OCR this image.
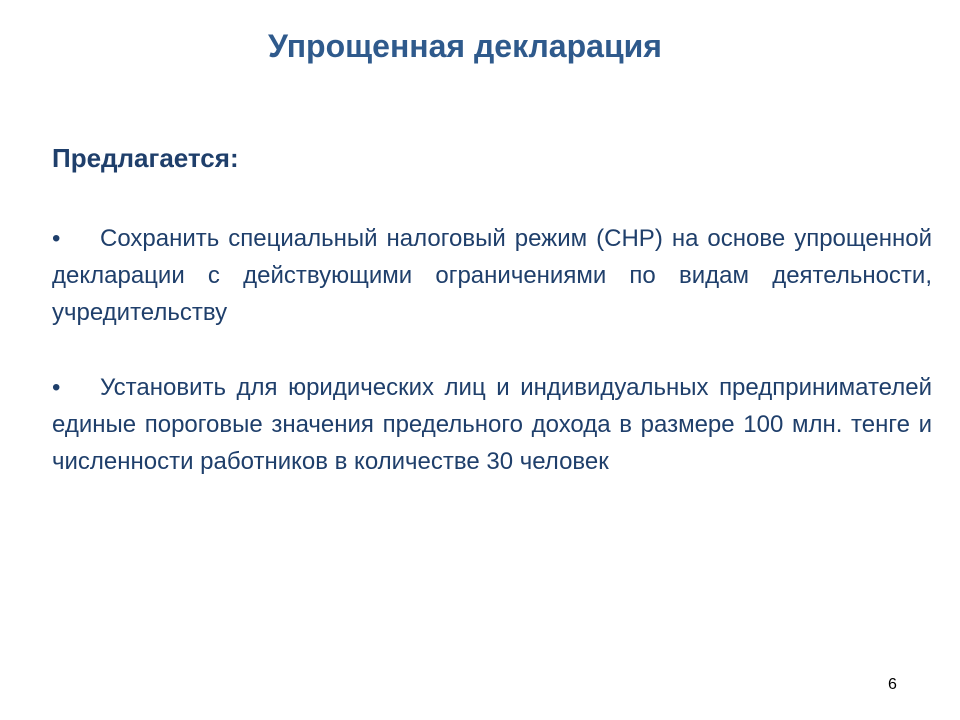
Упрощенная декларация
Предлагается:
• Сохранить специальный налоговый режим (СНР) на основе упрощенной декларации с действующими ограничениями по видам деятельности, учредительству
• Установить для юридических лиц и индивидуальных предпринимателей единые пороговые значения предельного дохода в размере 100 млн. тенге и численности работников в количестве 30 человек
6
